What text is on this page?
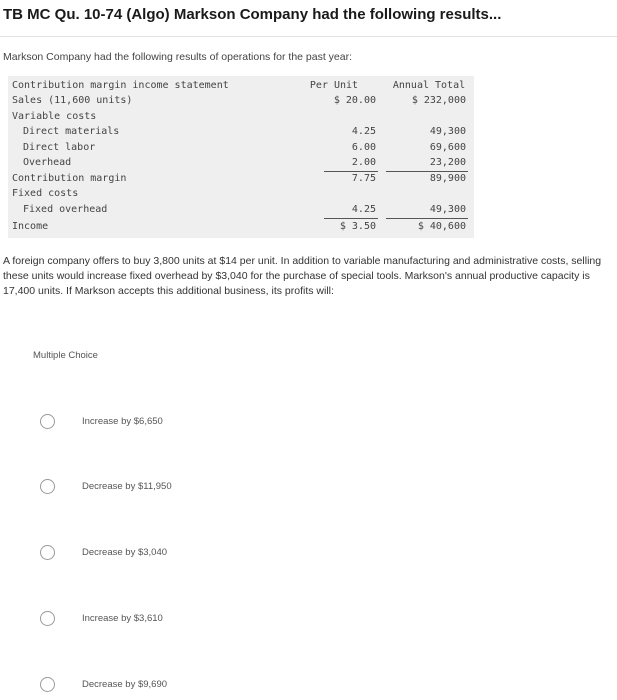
TB MC Qu. 10-74 (Algo) Markson Company had the following results...
Markson Company had the following results of operations for the past year:
Contribution margin income statement	Per Unit	Annual Total
Sales (11,600 units)	$ 20.00	$ 232,000
Variable costs
Direct materials	4.25	49,300
Direct labor	6.00	69,600
Overhead	2.00	23,200
Contribution margin	7.75	89,900
Fixed costs
Fixed overhead	4.25	49,300
Income	$ 3.50	$ 40,600
A foreign company offers to buy 3,800 units at $14 per unit. In addition to variable manufacturing and administrative costs, selling these units would increase fixed overhead by $3,040 for the purchase of special tools. Markson's annual productive capacity is 17,400 units. If Markson accepts this additional business, its profits will:
Multiple Choice
Increase by $6,650
Decrease by $11,950
Decrease by $3,040
Increase by $3,610
Decrease by $9,690
